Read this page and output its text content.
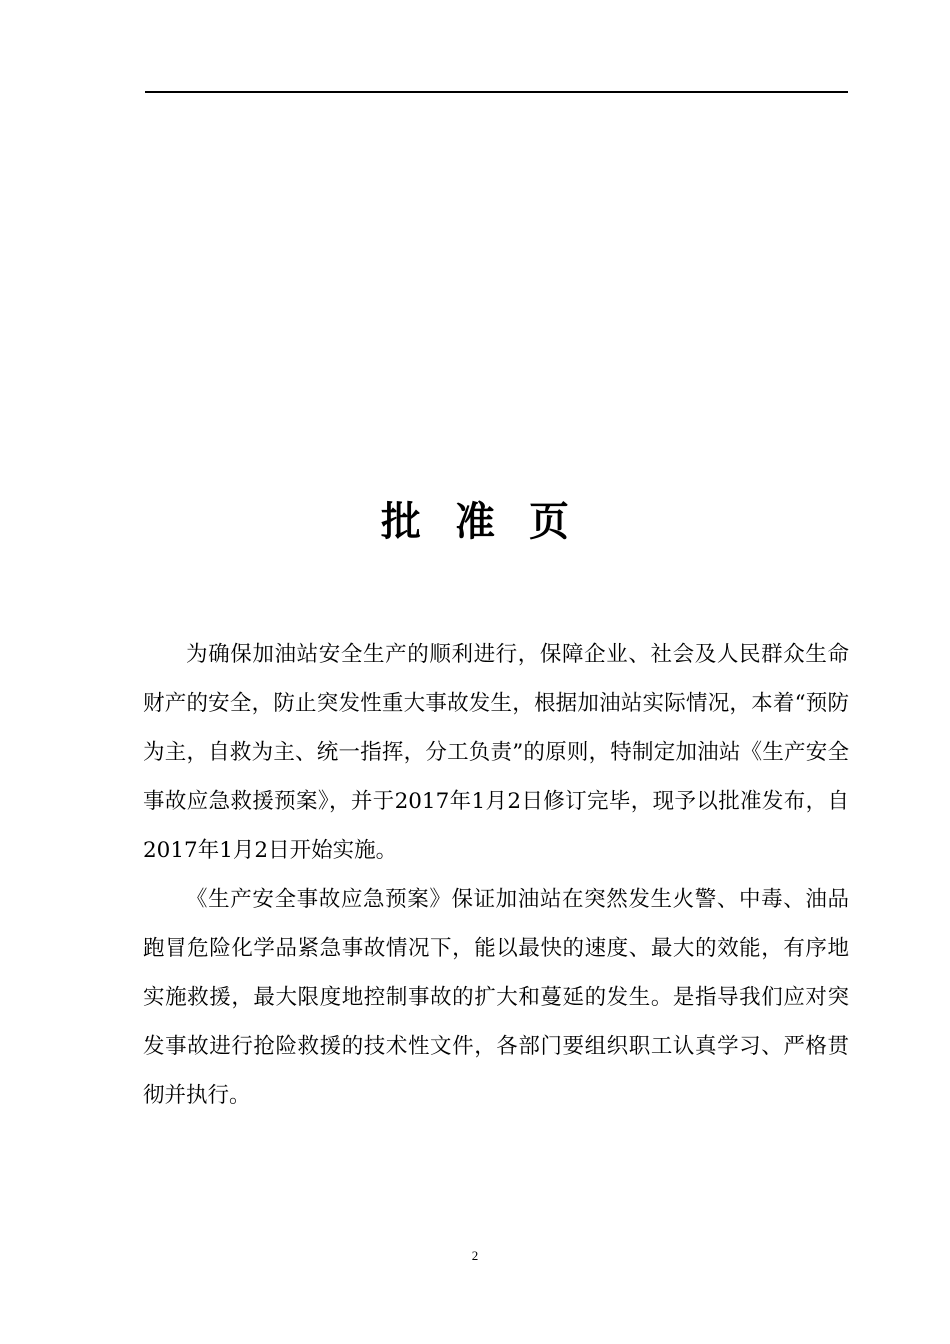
批准页

为确保加油站安全生产的顺利进行，保障企业、社会及人民群众生命财产的安全，防止突发性重大事故发生，根据加油站实际情况，本着“预防为主，自救为主、统一指挥，分工负责”的原则，特制定加油站《生产安全事故应急救援预案》，并于2017年1月2日修订完毕，现予以批准发布，自2017年1月2日开始实施。

《生产安全事故应急预案》保证加油站在突然发生火警、中毒、油品跑冒危险化学品紧急事故情况下，能以最快的速度、最大的效能，有序地实施救援，最大限度地控制事故的扩大和蔓延的发生。是指导我们应对突发事故进行抢险救援的技术性文件，各部门要组织职工认真学习、严格贯彻并执行。

2
